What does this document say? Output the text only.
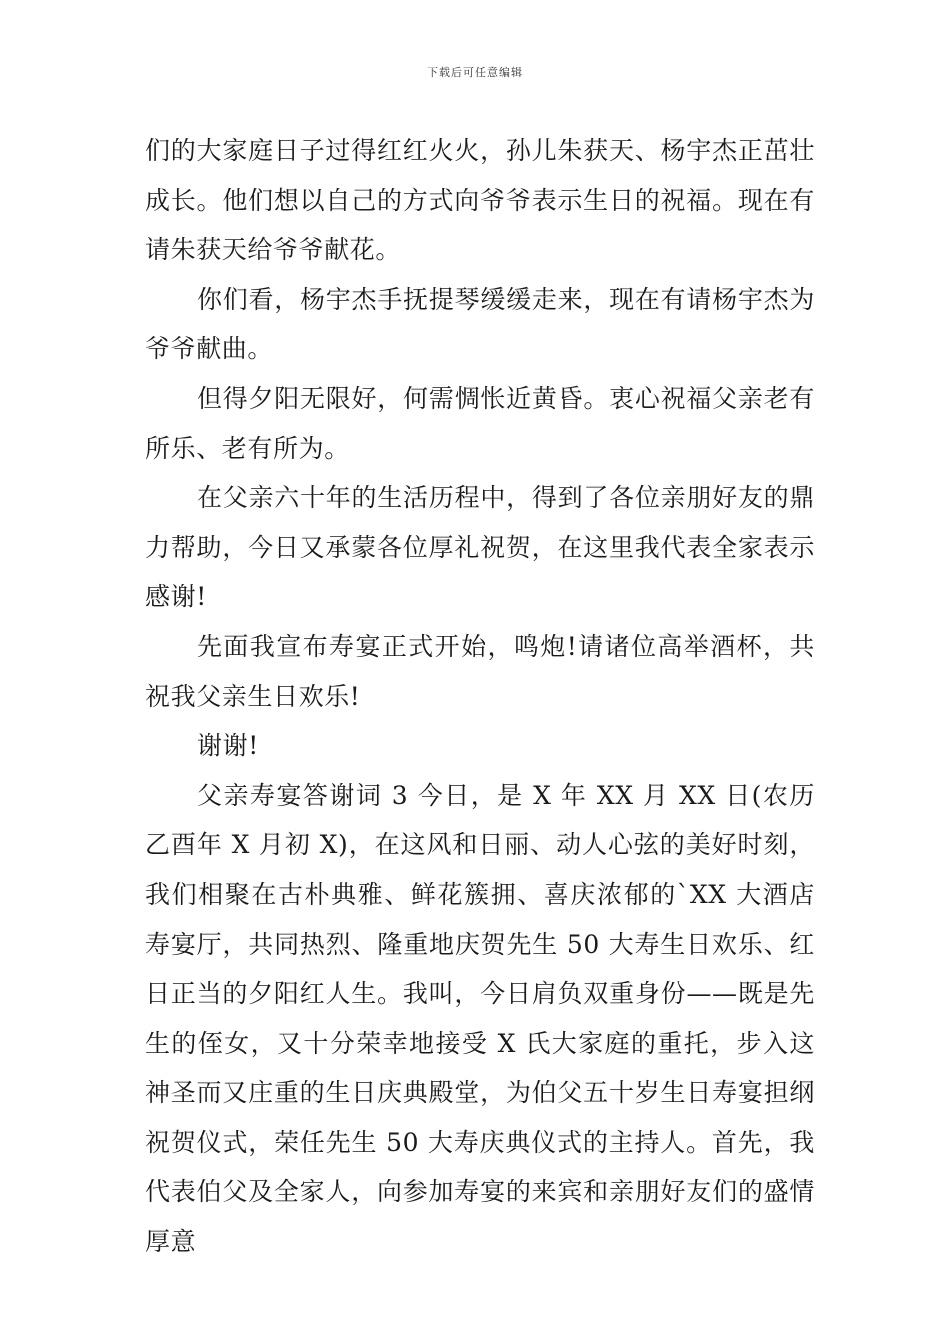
下载后可任意编辑

们的大家庭日子过得红红火火，孙儿朱获天、杨宇杰正茁壮成长。他们想以自己的方式向爷爷表示生日的祝福。现在有请朱获天给爷爷献花。

你们看，杨宇杰手抚提琴缓缓走来，现在有请杨宇杰为爷爷献曲。

但得夕阳无限好，何需惆怅近黄昏。衷心祝福父亲老有所乐、老有所为。

在父亲六十年的生活历程中，得到了各位亲朋好友的鼎力帮助，今日又承蒙各位厚礼祝贺，在这里我代表全家表示感谢!

先面我宣布寿宴正式开始，鸣炮!请诸位高举酒杯，共祝我父亲生日欢乐!

谢谢!

父亲寿宴答谢词 3 今日，是 X 年 XX 月 XX 日(农历乙酉年 X 月初 X)，在这风和日丽、动人心弦的美好时刻，我们相聚在古朴典雅、鲜花簇拥、喜庆浓郁的`XX 大酒店寿宴厅，共同热烈、隆重地庆贺先生 50 大寿生日欢乐、红日正当的夕阳红人生。我叫，今日肩负双重身份——既是先生的侄女，又十分荣幸地接受 X 氏大家庭的重托，步入这神圣而又庄重的生日庆典殿堂，为伯父五十岁生日寿宴担纲祝贺仪式，荣任先生 50 大寿庆典仪式的主持人。首先，我代表伯父及全家人，向参加寿宴的来宾和亲朋好友们的盛情厚意
